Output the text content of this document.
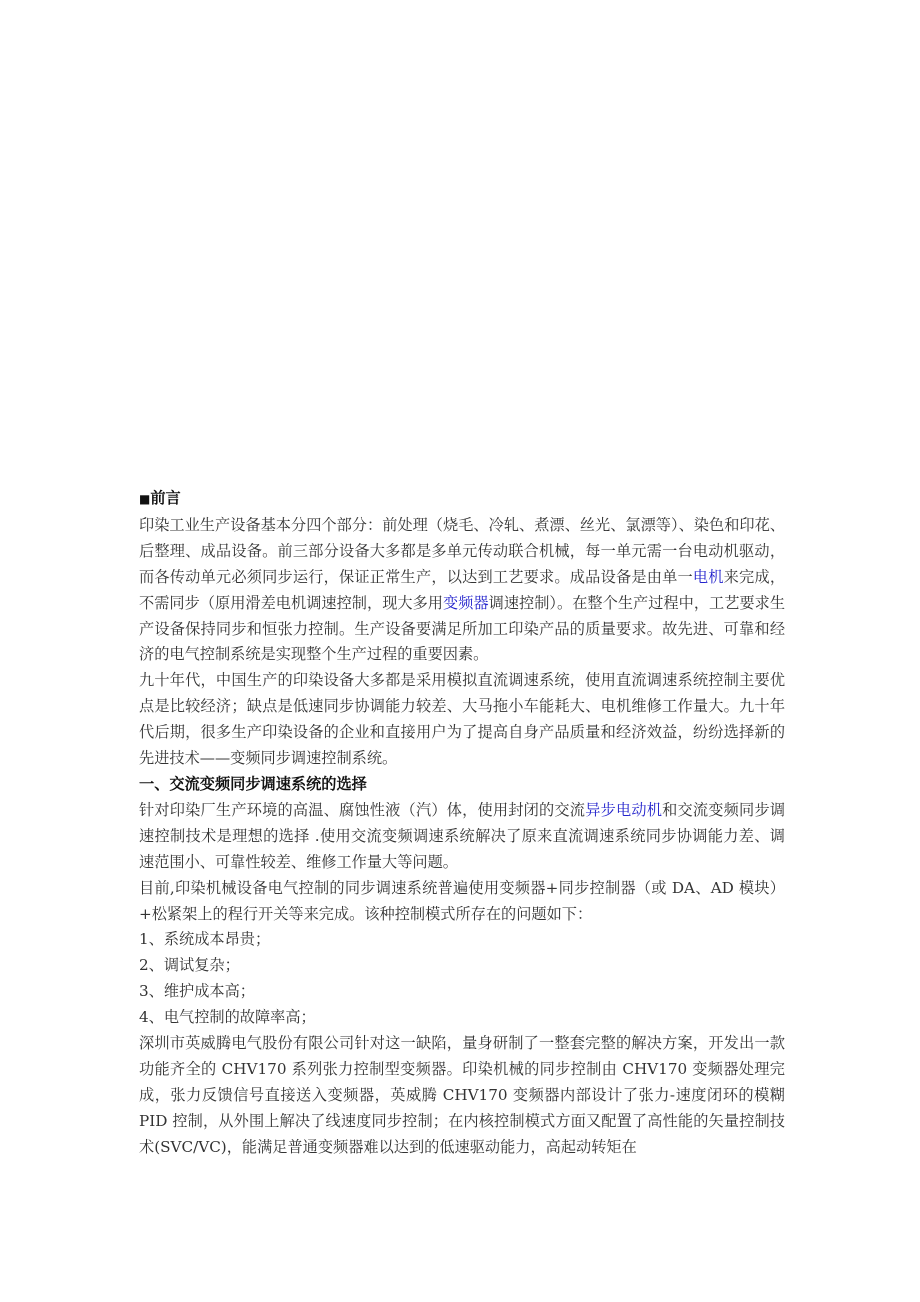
■前言

印染工业生产设备基本分四个部分：前处理（烧毛、冷轧、煮漂、丝光、氯漂等）、染色和印花、后整理、成品设备。前三部分设备大多都是多单元传动联合机械，每一单元需一台电动机驱动，而各传动单元必须同步运行，保证正常生产，以达到工艺要求。成品设备是由单一电机来完成，不需同步（原用滑差电机调速控制，现大多用变频器调速控制）。在整个生产过程中，工艺要求生产设备保持同步和恒张力控制。生产设备要满足所加工印染产品的质量要求。故先进、可靠和经济的电气控制系统是实现整个生产过程的重要因素。

九十年代，中国生产的印染设备大多都是采用模拟直流调速系统，使用直流调速系统控制主要优点是比较经济；缺点是低速同步协调能力较差、大马拖小车能耗大、电机维修工作量大。九十年代后期，很多生产印染设备的企业和直接用户为了提高自身产品质量和经济效益，纷纷选择新的先进技术——变频同步调速控制系统。

一、交流变频同步调速系统的选择

针对印染厂生产环境的高温、腐蚀性液（汽）体，使用封闭的交流异步电动机和交流变频同步调速控制技术是理想的选择 .使用交流变频调速系统解决了原来直流调速系统同步协调能力差、调速范围小、可靠性较差、维修工作量大等问题。

目前,印染机械设备电气控制的同步调速系统普遍使用变频器+同步控制器（或 DA、AD 模块）+松紧架上的程行开关等来完成。该种控制模式所存在的问题如下：

1、系统成本昂贵；

2、调试复杂；

3、维护成本高；

4、电气控制的故障率高；

深圳市英威腾电气股份有限公司针对这一缺陷，量身研制了一整套完整的解决方案，开发出一款功能齐全的 CHV170 系列张力控制型变频器。印染机械的同步控制由 CHV170 变频器处理完成，张力反馈信号直接送入变频器，英威腾 CHV170 变频器内部设计了张力-速度闭环的模糊 PID 控制，从外围上解决了线速度同步控制；在内核控制模式方面又配置了高性能的矢量控制技术(SVC/VC)，能满足普通变频器难以达到的低速驱动能力，高起动转矩在
